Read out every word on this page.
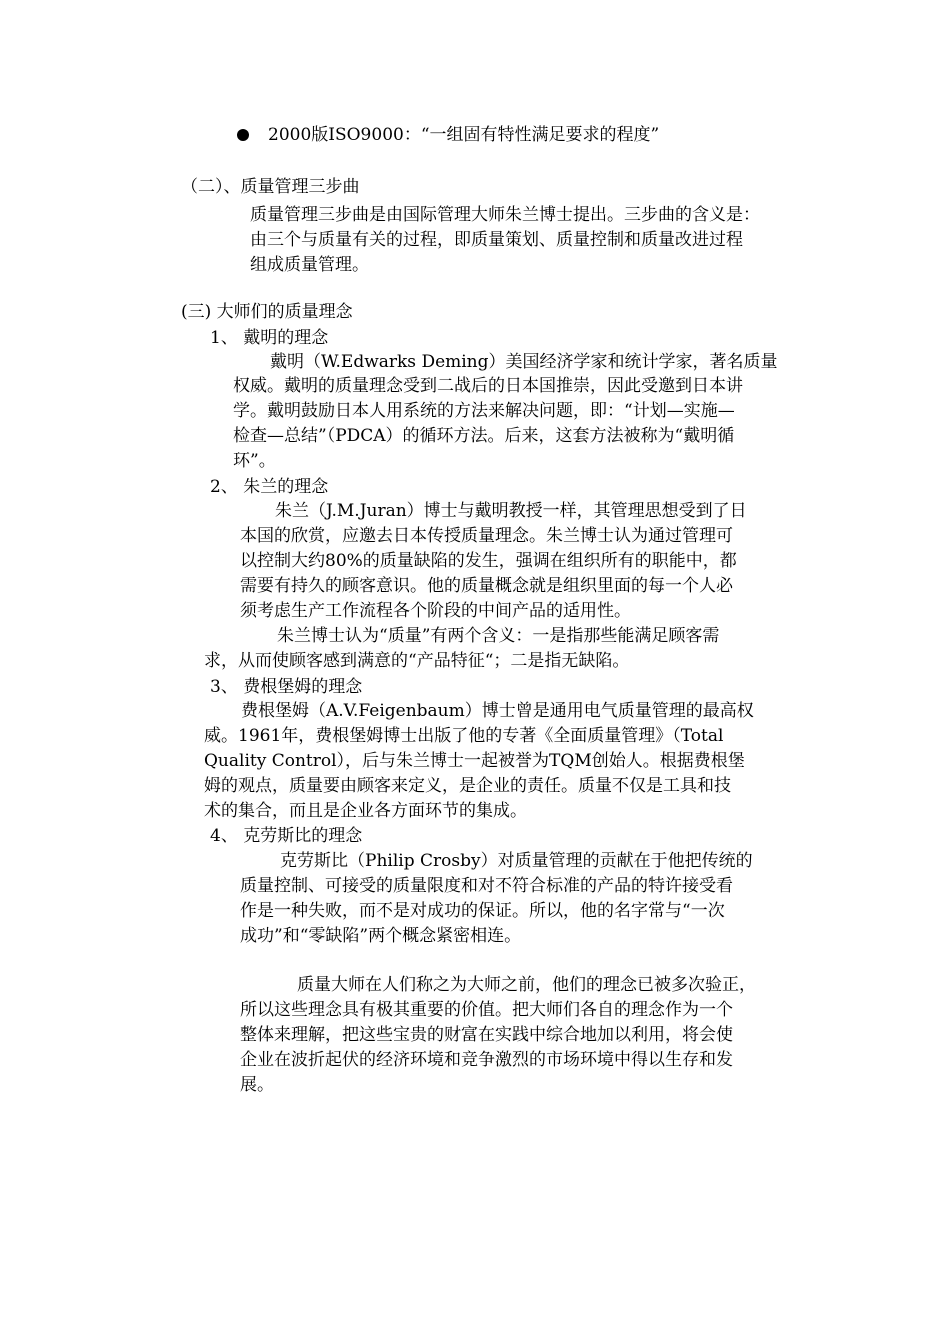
2000版ISO9000：“一组固有特性满足要求的程度”
（二）、质量管理三步曲
质量管理三步曲是由国际管理大师朱兰博士提出。三步曲的含义是：
由三个与质量有关的过程，即质量策划、质量控制和质量改进过程
组成质量管理。
(三) 大师们的质量理念
1、 戴明的理念
戴明（W.Edwarks Deming）美国经济学家和统计学家，著名质量
权威。戴明的质量理念受到二战后的日本国推崇，因此受邀到日本讲
学。戴明鼓励日本人用系统的方法来解决问题，即：“计划—实施—
检查—总结”（PDCA）的循环方法。后来，这套方法被称为“戴明循
环”。
2、 朱兰的理念
朱兰（J.M.Juran）博士与戴明教授一样，其管理思想受到了日
本国的欣赏，应邀去日本传授质量理念。朱兰博士认为通过管理可
以控制大约80%的质量缺陷的发生，强调在组织所有的职能中，都
需要有持久的顾客意识。他的质量概念就是组织里面的每一个人必
须考虑生产工作流程各个阶段的中间产品的适用性。
朱兰博士认为“质量”有两个含义：一是指那些能满足顾客需
求，从而使顾客感到满意的“产品特征“；二是指无缺陷。
3、 费根堡姆的理念
费根堡姆（A.V.Feigenbaum）博士曾是通用电气质量管理的最高权
威。1961年，费根堡姆博士出版了他的专著《全面质量管理》（Total
Quality Control），后与朱兰博士一起被誉为TQM创始人。根据费根堡
姆的观点，质量要由顾客来定义，是企业的责任。质量不仅是工具和技
术的集合，而且是企业各方面环节的集成。
4、 克劳斯比的理念
克劳斯比（Philip Crosby）对质量管理的贡献在于他把传统的
质量控制、可接受的质量限度和对不符合标准的产品的特许接受看
作是一种失败，而不是对成功的保证。所以，他的名字常与“一次
成功”和“零缺陷”两个概念紧密相连。
质量大师在人们称之为大师之前，他们的理念已被多次验正，
所以这些理念具有极其重要的价值。把大师们各自的理念作为一个
整体来理解，把这些宝贵的财富在实践中综合地加以利用，将会使
企业在波折起伏的经济环境和竞争激烈的市场环境中得以生存和发
展。
